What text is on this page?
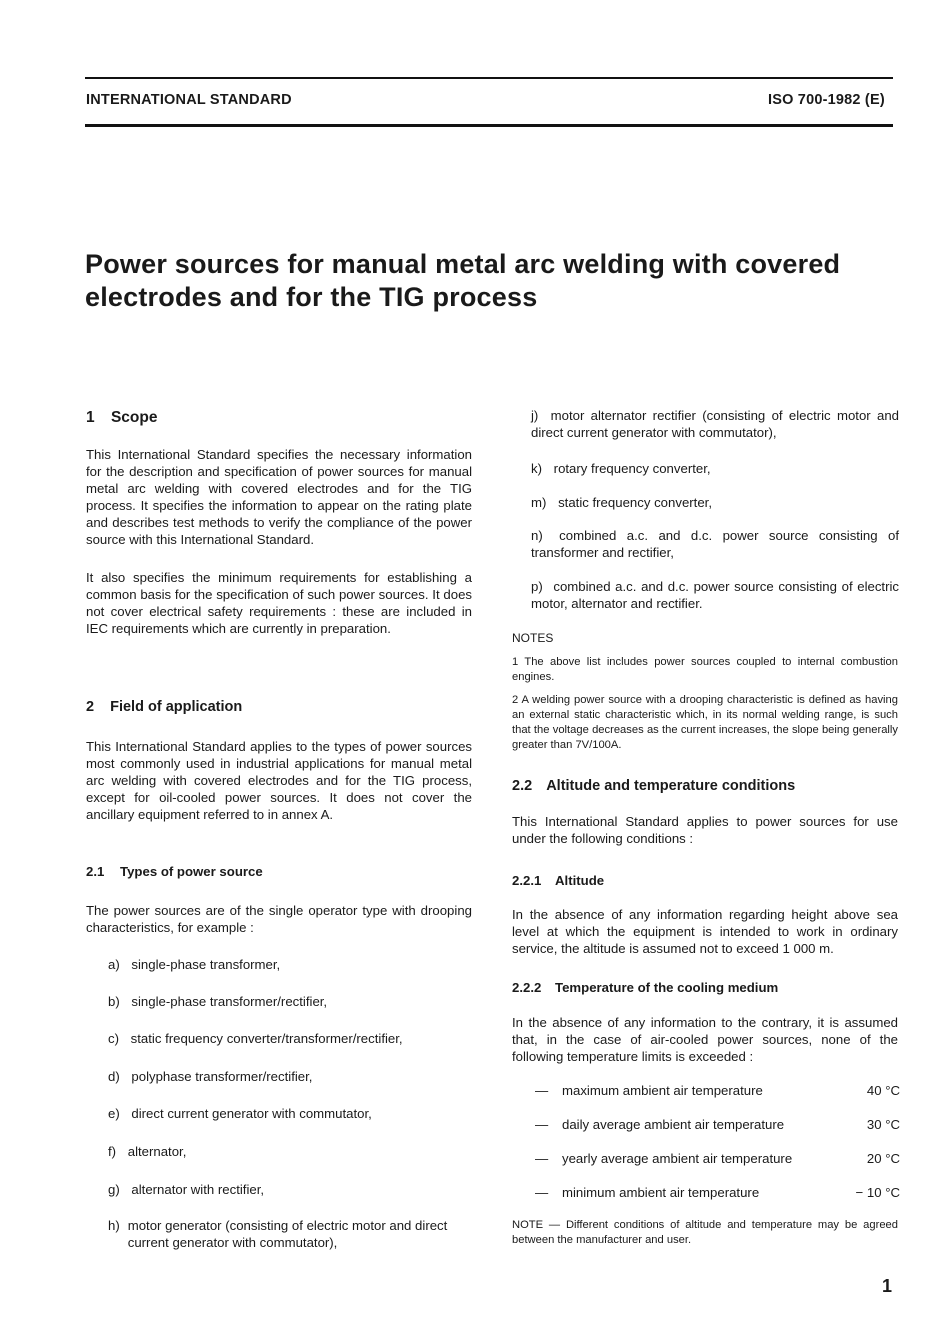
INTERNATIONAL STANDARD	ISO 700-1982 (E)
Power sources for manual metal arc welding with covered
electrodes and for the TIG process
1 Scope
This International Standard specifies the necessary information for the description and specification of power sources for manual metal arc welding with covered electrodes and for the TIG process. It specifies the information to appear on the rating plate and describes test methods to verify the compliance of the power source with this International Standard.
It also specifies the minimum requirements for establishing a common basis for the specification of such power sources. It does not cover electrical safety requirements : these are included in IEC requirements which are currently in preparation.
2 Field of application
This International Standard applies to the types of power sources most commonly used in industrial applications for manual metal arc welding with covered electrodes and for the TIG process, except for oil-cooled power sources. It does not cover the ancillary equipment referred to in annex A.
2.1 Types of power source
The power sources are of the single operator type with drooping characteristics, for example :
a) single-phase transformer,
b) single-phase transformer/rectifier,
c) static frequency converter/transformer/rectifier,
d) polyphase transformer/rectifier,
e) direct current generator with commutator,
f) alternator,
g) alternator with rectifier,
h) motor generator (consisting of electric motor and direct current generator with commutator),
j) motor alternator rectifier (consisting of electric motor and direct current generator with commutator),
k) rotary frequency converter,
m) static frequency converter,
n) combined a.c. and d.c. power source consisting of transformer and rectifier,
p) combined a.c. and d.c. power source consisting of electric motor, alternator and rectifier.
NOTES
1 The above list includes power sources coupled to internal combustion engines.
2 A welding power source with a drooping characteristic is defined as having an external static characteristic which, in its normal welding range, is such that the voltage decreases as the current increases, the slope being generally greater than 7V/100A.
2.2 Altitude and temperature conditions
This International Standard applies to power sources for use under the following conditions :
2.2.1 Altitude
In the absence of any information regarding height above sea level at which the equipment is intended to work in ordinary service, the altitude is assumed not to exceed 1 000 m.
2.2.2 Temperature of the cooling medium
In the absence of any information to the contrary, it is assumed that, in the case of air-cooled power sources, none of the following temperature limits is exceeded :
— maximum ambient air temperature	40 °C
— daily average ambient air temperature	30 °C
— yearly average ambient air temperature	20 °C
— minimum ambient air temperature	− 10 °C
NOTE — Different conditions of altitude and temperature may be agreed between the manufacturer and user.
1
